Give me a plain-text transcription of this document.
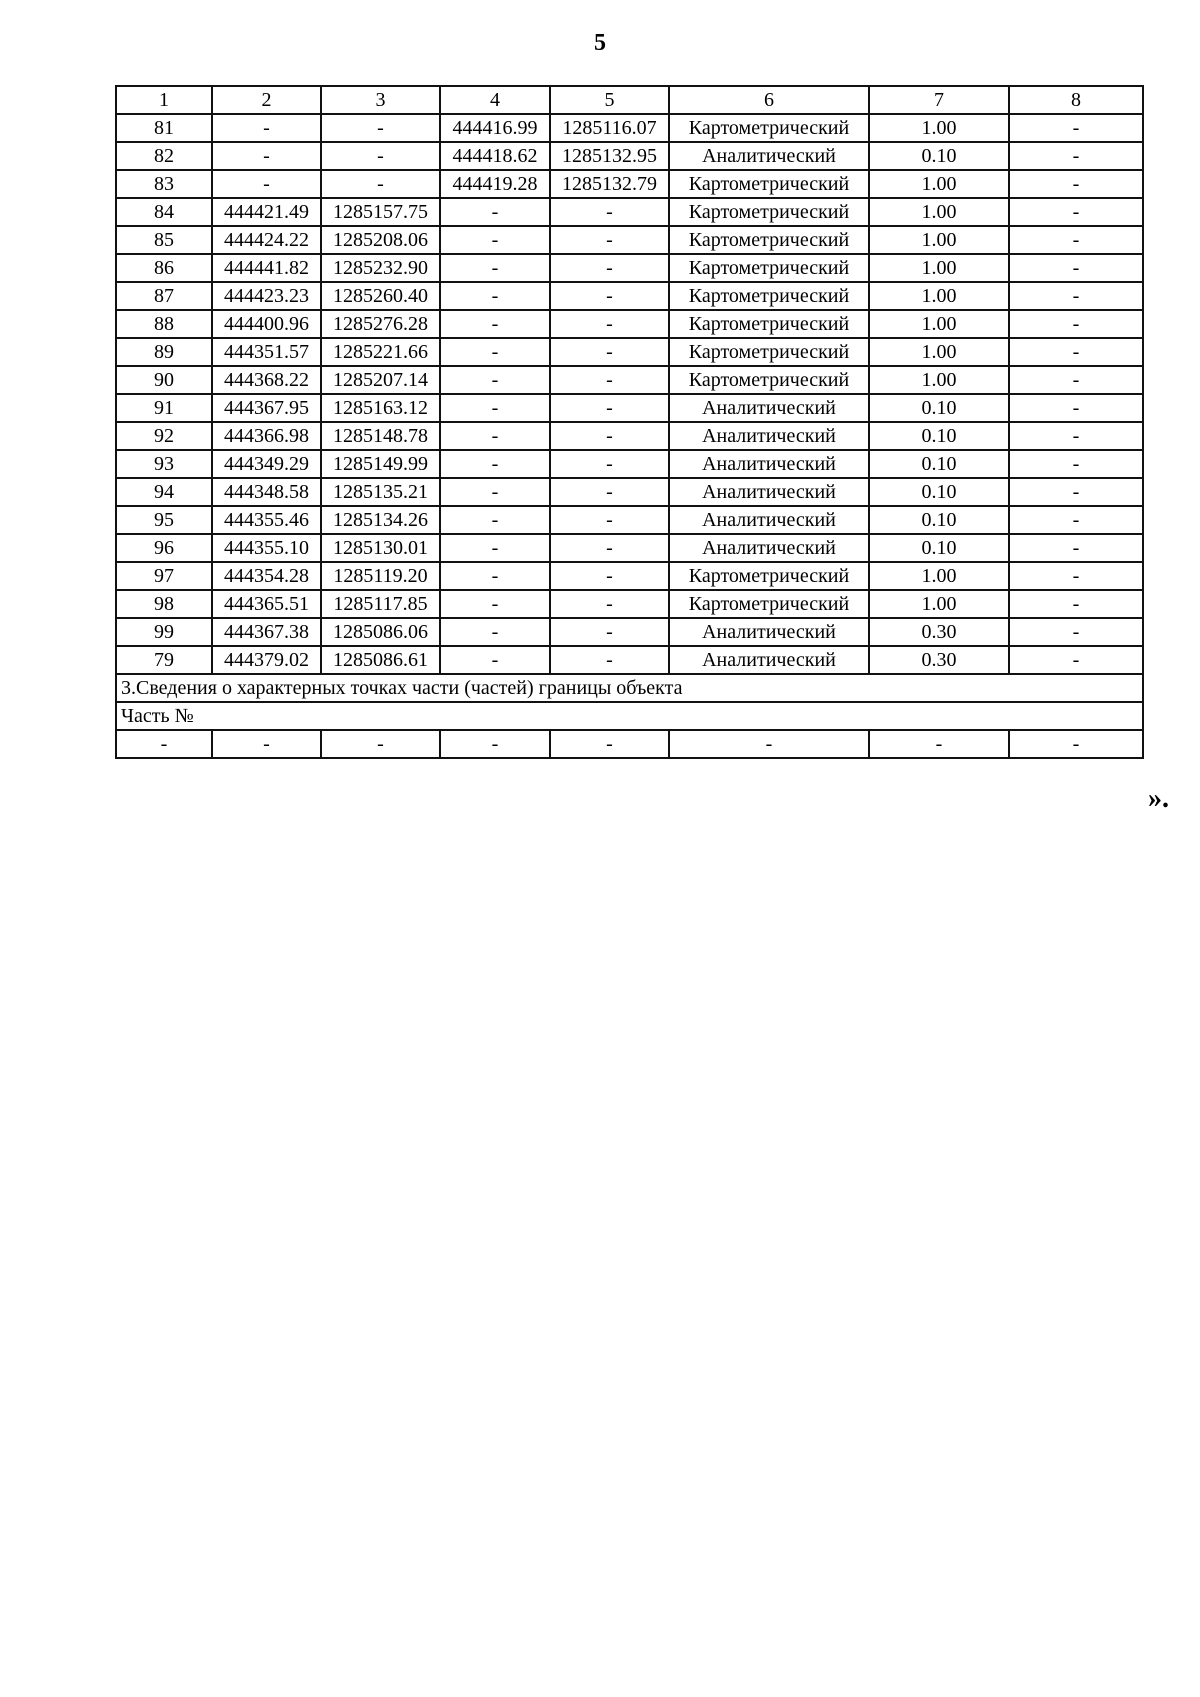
5
1	2	3	4	5	6	7	8
81	-	-	444416.99	1285116.07	Картометрический	1.00	-
82	-	-	444418.62	1285132.95	Аналитический	0.10	-
83	-	-	444419.28	1285132.79	Картометрический	1.00	-
84	444421.49	1285157.75	-	-	Картометрический	1.00	-
85	444424.22	1285208.06	-	-	Картометрический	1.00	-
86	444441.82	1285232.90	-	-	Картометрический	1.00	-
87	444423.23	1285260.40	-	-	Картометрический	1.00	-
88	444400.96	1285276.28	-	-	Картометрический	1.00	-
89	444351.57	1285221.66	-	-	Картометрический	1.00	-
90	444368.22	1285207.14	-	-	Картометрический	1.00	-
91	444367.95	1285163.12	-	-	Аналитический	0.10	-
92	444366.98	1285148.78	-	-	Аналитический	0.10	-
93	444349.29	1285149.99	-	-	Аналитический	0.10	-
94	444348.58	1285135.21	-	-	Аналитический	0.10	-
95	444355.46	1285134.26	-	-	Аналитический	0.10	-
96	444355.10	1285130.01	-	-	Аналитический	0.10	-
97	444354.28	1285119.20	-	-	Картометрический	1.00	-
98	444365.51	1285117.85	-	-	Картометрический	1.00	-
99	444367.38	1285086.06	-	-	Аналитический	0.30	-
79	444379.02	1285086.61	-	-	Аналитический	0.30	-
3.Сведения о характерных точках части (частей) границы объекта							
Часть №							
-	-	-	-	-	-	-	-
».
